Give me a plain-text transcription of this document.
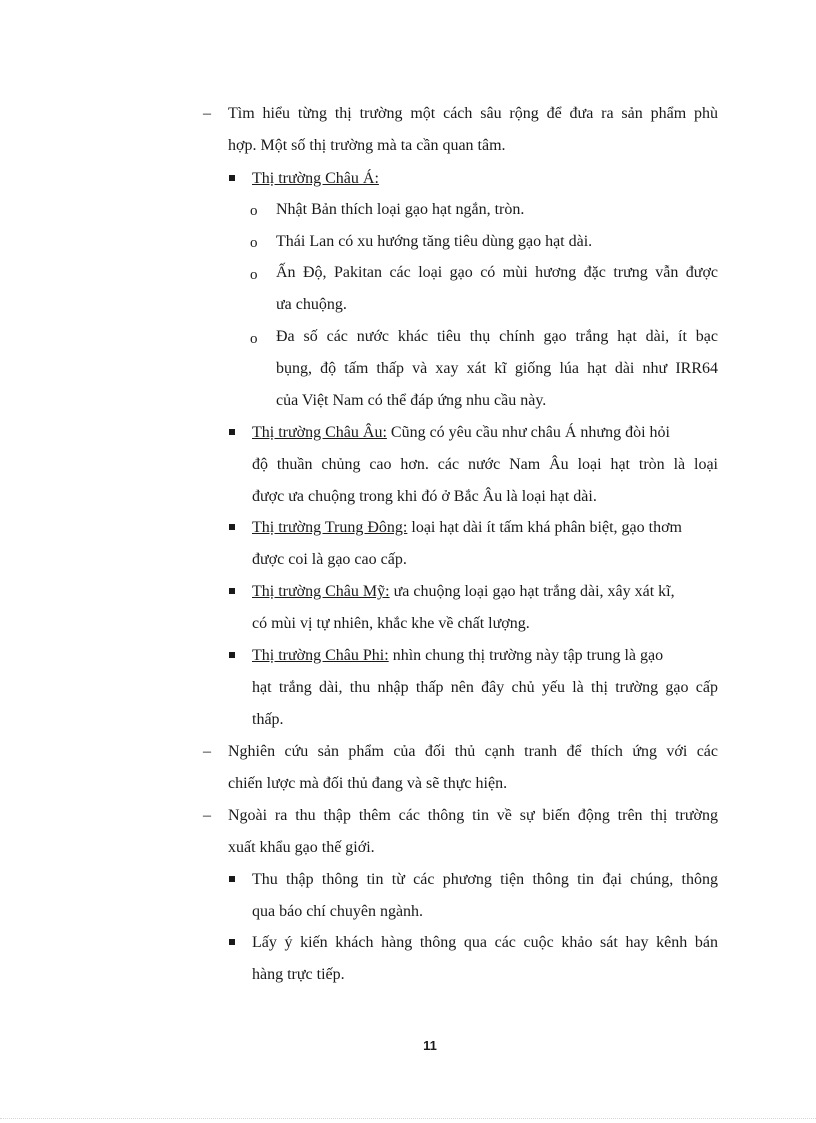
– Tìm hiểu từng thị trường một cách sâu rộng để đưa ra sản phẩm phù
hợp. Một số thị trường mà ta cần quan tâm.
Thị trường Châu Á:
o Nhật Bản thích loại gạo hạt ngắn, tròn.
o Thái Lan có xu hướng tăng tiêu dùng gạo hạt dài.
o Ấn Độ, Pakitan các loại gạo có mùi hương đặc trưng vẫn được
ưa chuộng.
o Đa số các nước khác tiêu thụ chính gạo trắng hạt dài, ít bạc
bụng, độ tấm thấp và xay xát kĩ giống lúa hạt dài như IRR64
của Việt Nam có thể đáp ứng nhu cầu này.
Thị trường Châu Âu: Cũng có yêu cầu như châu Á nhưng đòi hỏi
độ thuần chủng cao hơn. các nước Nam Âu loại hạt tròn là loại
được ưa chuộng trong khi đó ở Bắc Âu là loại hạt dài.
Thị trường Trung Đông: loại hạt dài ít tấm khá phân biệt, gạo thơm
được coi là gạo cao cấp.
Thị trường Châu Mỹ: ưa chuộng loại gạo hạt trắng dài, xây xát kĩ,
có mùi vị tự nhiên, khắc khe về chất lượng.
Thị trường Châu Phi: nhìn chung thị trường này tập trung là gạo
hạt trắng dài, thu nhập thấp nên đây chủ yếu là thị trường gạo cấp
thấp.
– Nghiên cứu sản phẩm của đối thủ cạnh tranh để thích ứng với các
chiến lược mà đối thủ đang và sẽ thực hiện.
– Ngoài ra thu thập thêm các thông tin về sự biến động trên thị trường
xuất khẩu gạo thế giới.
Thu thập thông tin từ các phương tiện thông tin đại chúng, thông
qua báo chí chuyên ngành.
Lấy ý kiến khách hàng thông qua các cuộc khảo sát hay kênh bán
hàng trực tiếp.
11
